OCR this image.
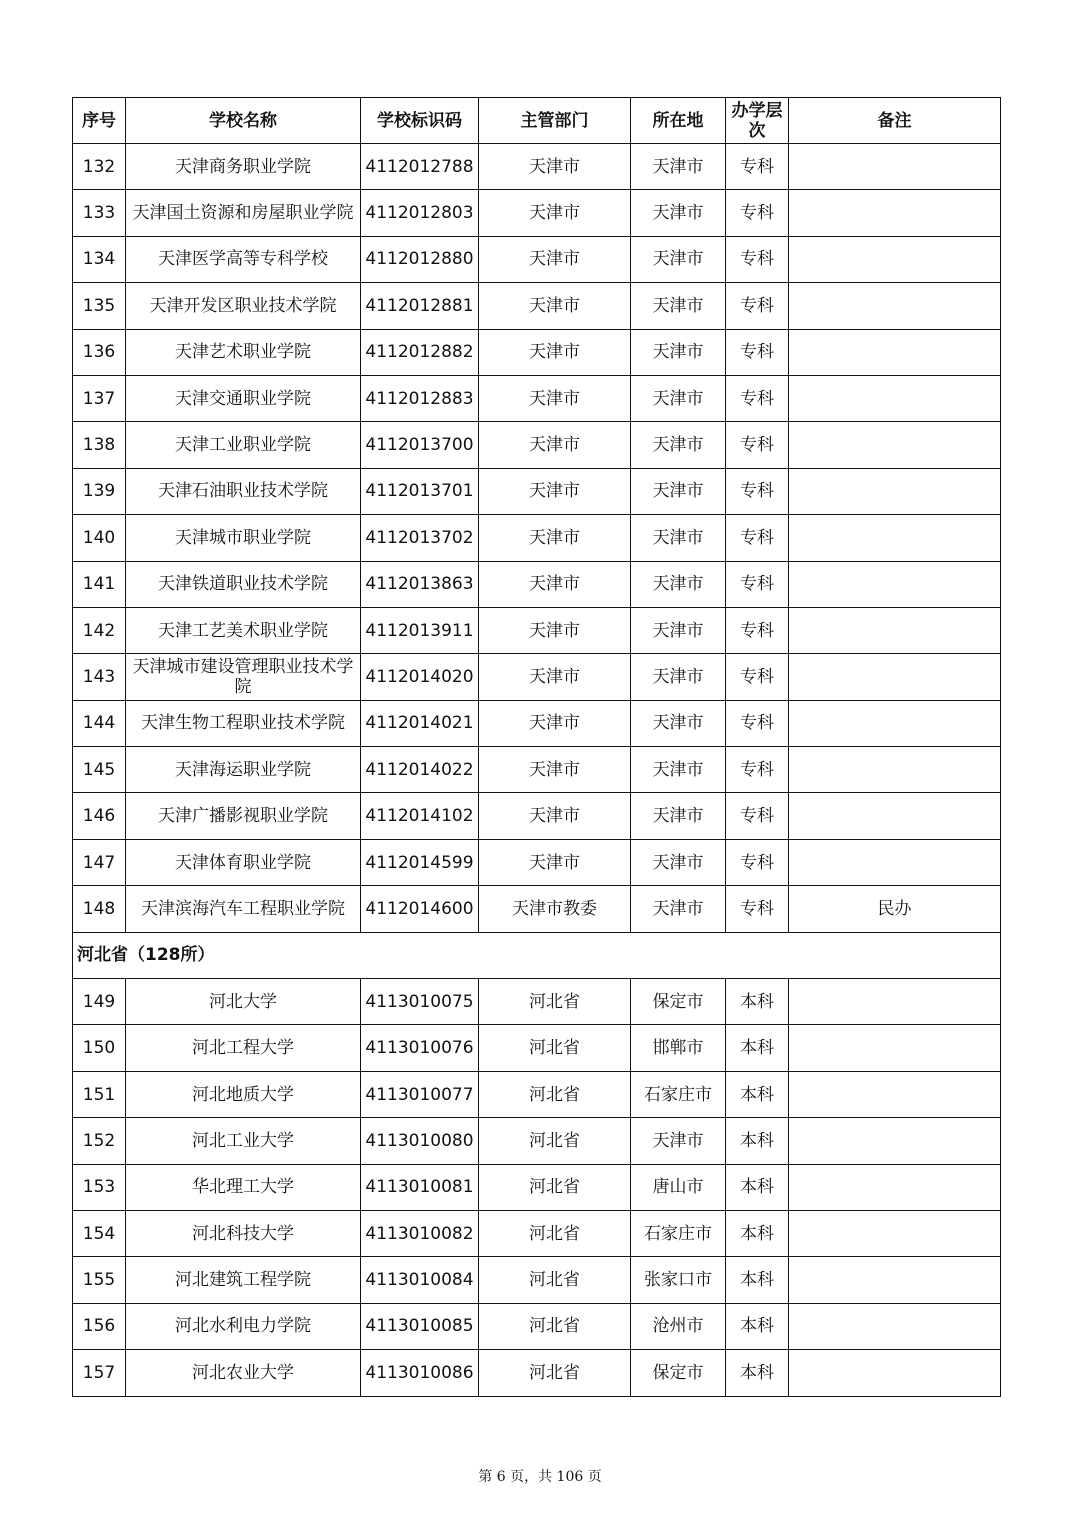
序号	学校名称	学校标识码	主管部门	所在地	办学层次	备注
132	天津商务职业学院	4112012788	天津市	天津市	专科	
133	天津国土资源和房屋职业学院	4112012803	天津市	天津市	专科	
134	天津医学高等专科学校	4112012880	天津市	天津市	专科	
135	天津开发区职业技术学院	4112012881	天津市	天津市	专科	
136	天津艺术职业学院	4112012882	天津市	天津市	专科	
137	天津交通职业学院	4112012883	天津市	天津市	专科	
138	天津工业职业学院	4112013700	天津市	天津市	专科	
139	天津石油职业技术学院	4112013701	天津市	天津市	专科	
140	天津城市职业学院	4112013702	天津市	天津市	专科	
141	天津铁道职业技术学院	4112013863	天津市	天津市	专科	
142	天津工艺美术职业学院	4112013911	天津市	天津市	专科	
143	天津城市建设管理职业技术学院	4112014020	天津市	天津市	专科	
144	天津生物工程职业技术学院	4112014021	天津市	天津市	专科	
145	天津海运职业学院	4112014022	天津市	天津市	专科	
146	天津广播影视职业学院	4112014102	天津市	天津市	专科	
147	天津体育职业学院	4112014599	天津市	天津市	专科	
148	天津滨海汽车工程职业学院	4112014600	天津市教委	天津市	专科	民办
河北省（128所）						
149	河北大学	4113010075	河北省	保定市	本科	
150	河北工程大学	4113010076	河北省	邯郸市	本科	
151	河北地质大学	4113010077	河北省	石家庄市	本科	
152	河北工业大学	4113010080	河北省	天津市	本科	
153	华北理工大学	4113010081	河北省	唐山市	本科	
154	河北科技大学	4113010082	河北省	石家庄市	本科	
155	河北建筑工程学院	4113010084	河北省	张家口市	本科	
156	河北水利电力学院	4113010085	河北省	沧州市	本科	
157	河北农业大学	4113010086	河北省	保定市	本科	
第 6 页，共 106 页
